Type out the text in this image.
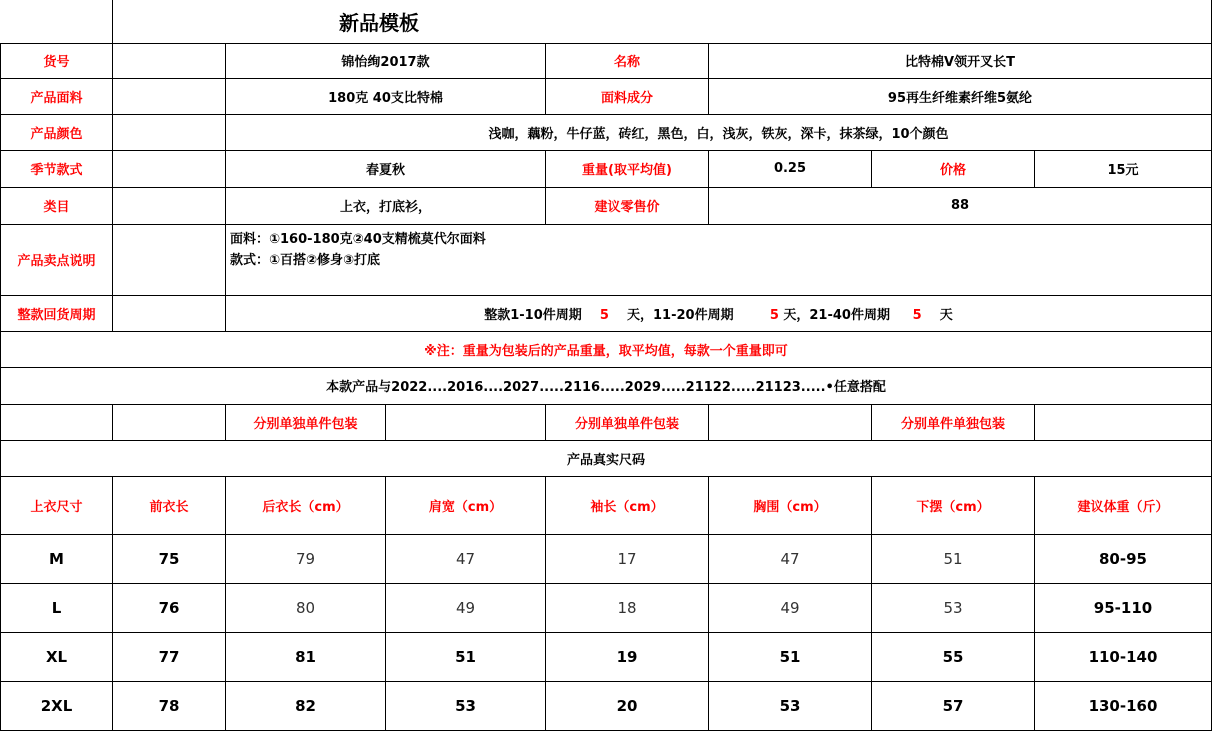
	新品模板						
货号		锦怡绚2017款		名称	比特棉V领开叉长T		
产品面料		180克 40支比特棉		面料成分	95再生纤维素纤维5氨纶		
产品颜色		浅咖，藕粉，牛仔蓝，砖红，黑色，白，浅灰，铁灰，深卡，抹茶绿，10个颜色					
季节款式		春夏秋		重量(取平均值)	0.25	价格	15元
类目		上衣，打底衫，		建议零售价	88		
产品卖点说明		面料：①160-180克②40支精梳莫代尔面料
款式：①百搭②修身③打底					

整款回货周期		整款1-10件周期 5 天，11-20件周期 5 天，21-40件周期 5 天					
※注：重量为包装后的产品重量，取平均值，每款一个重量即可							
本款产品与2022....2016....2027.....2116.....2029.....21122.....21123.....•任意搭配							
		分别单独单件包装		分别单独单件包装		分别单件单独包装	
产品真实尺码							
上衣尺寸	前衣长	后衣长（cm）	肩宽（cm）	袖长（cm）	胸围（cm）	下摆（cm）	建议体重（斤）
M	75	79	47	17	47	51	80-95
L	76	80	49	18	49	53	95-110
XL	77	81	51	19	51	55	110-140
2XL	78	82	53	20	53	57	130-160
